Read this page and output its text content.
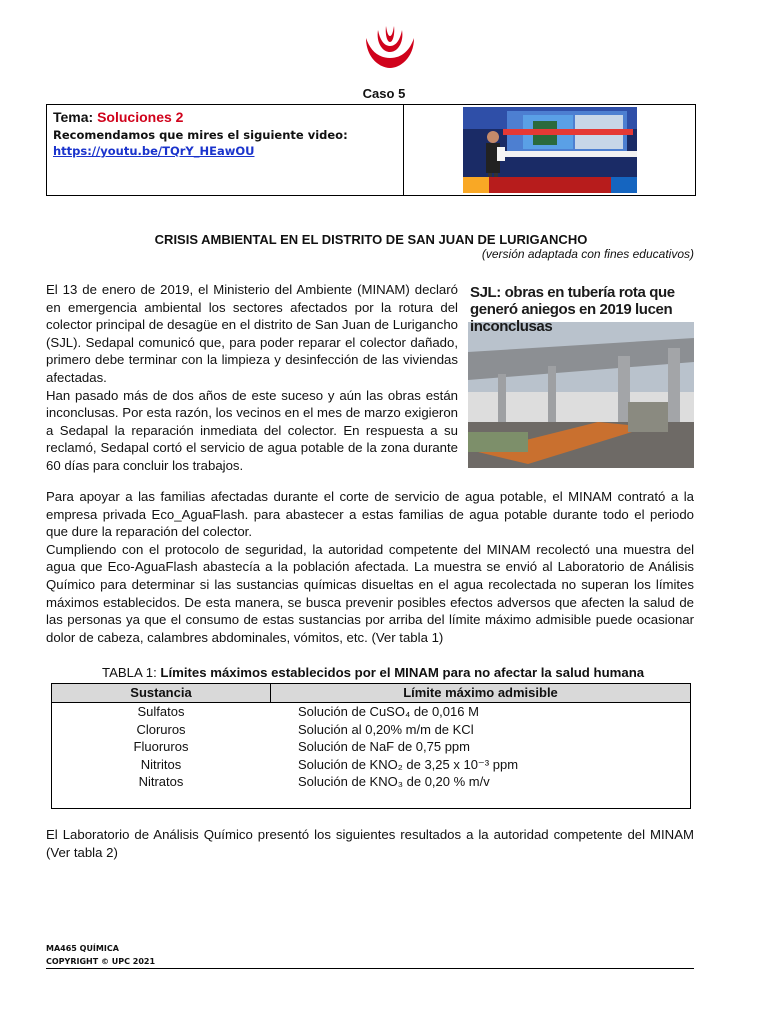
Caso 5
Tema: Soluciones 2
Recomendamos que mires el siguiente video:
https://youtu.be/TQrY_HEawOU
CRISIS AMBIENTAL EN EL DISTRITO DE SAN JUAN DE LURIGANCHO
(versión adaptada con fines educativos)
El 13 de enero de 2019, el Ministerio del Ambiente (MINAM) declaró en emergencia ambiental los sectores afectados por la rotura del colector principal de desagüe en el distrito de San Juan de Lurigancho (SJL). Sedapal comunicó que, para poder reparar el colector dañado, primero debe terminar con la limpieza y desinfección de las viviendas afectadas.
Han pasado más de dos años de este suceso y aún las obras están inconclusas. Por esta razón, los vecinos en el mes de marzo exigieron a Sedapal la reparación inmediata del colector. En respuesta a su reclamó, Sedapal cortó el servicio de agua potable de la zona durante 60 días para concluir los trabajos.
SJL: obras en tubería rota que generó aniegos en 2019 lucen inconclusas
Para apoyar a las familias afectadas durante el corte de servicio de agua potable, el MINAM contrató a la empresa privada Eco_AguaFlash. para abastecer a estas familias de agua potable durante todo el periodo que dure la reparación del colector.
Cumpliendo con el protocolo de seguridad, la autoridad competente del MINAM recolectó una muestra del agua que Eco-AguaFlash abastecía a la población afectada. La muestra se envió al Laboratorio de Análisis Químico para determinar si las sustancias químicas disueltas en el agua recolectada no superan los límites máximos establecidos. De esta manera, se busca prevenir posibles efectos adversos que afecten la salud de las personas ya que el consumo de estas sustancias por arriba del límite máximo admisible puede ocasionar dolor de cabeza, calambres abdominales, vómitos, etc. (Ver tabla 1)
TABLA 1: Límites máximos establecidos por el MINAM para no afectar la salud humana
Sustancia	Límite máximo admisible
Sulfatos	Solución de CuSO₄ de 0,016 M
Cloruros	Solución al 0,20% m/m de KCl
Fluoruros	Solución de NaF de 0,75 ppm
Nitritos	Solución de KNO₂ de 3,25 x 10⁻³ ppm
Nitratos	Solución de KNO₃ de 0,20 % m/v
El Laboratorio de Análisis Químico presentó los siguientes resultados a la autoridad competente del MINAM (Ver tabla 2)
MA465 QUÍMICA
COPYRIGHT © UPC 2021
